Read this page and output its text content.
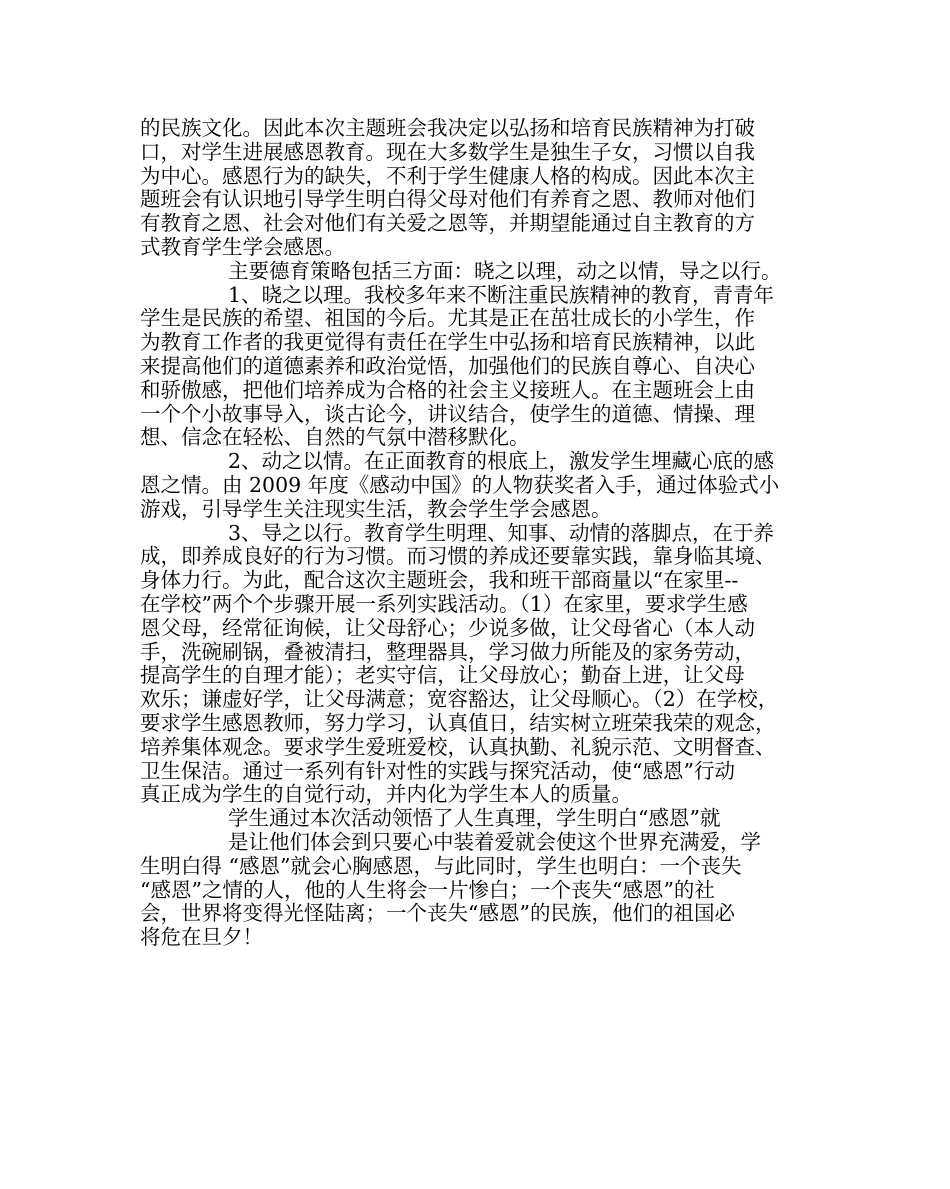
的民族文化。因此本次主题班会我决定以弘扬和培育民族精神为打破
口，对学生进展感恩教育。现在大多数学生是独生子女，习惯以自我
为中心。感恩行为的缺失，不利于学生健康人格的构成。因此本次主
题班会有认识地引导学生明白得父母对他们有养育之恩、教师对他们
有教育之恩、社会对他们有关爱之恩等，并期望能通过自主教育的方
式教育学生学会感恩。
主要德育策略包括三方面：晓之以理，动之以情，导之以行。
1、晓之以理。我校多年来不断注重民族精神的教育，青青年
学生是民族的希望、祖国的今后。尤其是正在茁壮成长的小学生，作
为教育工作者的我更觉得有责任在学生中弘扬和培育民族精神，以此
来提高他们的道德素养和政治觉悟，加强他们的民族自尊心、自决心
和骄傲感，把他们培养成为合格的社会主义接班人。在主题班会上由
一个个小故事导入，谈古论今，讲议结合，使学生的道德、情操、理
想、信念在轻松、自然的气氛中潜移默化。
2、动之以情。在正面教育的根底上，激发学生埋藏心底的感
恩之情。由 2009 年度《感动中国》的人物获奖者入手，通过体验式小
游戏，引导学生关注现实生活，教会学生学会感恩。
3、导之以行。教育学生明理、知事、动情的落脚点，在于养
成，即养成良好的行为习惯。而习惯的养成还要靠实践，靠身临其境、
身体力行。为此，配合这次主题班会，我和班干部商量以“在家里--
在学校”两个个步骤开展一系列实践活动。（1）在家里，要求学生感
恩父母，经常征询候，让父母舒心；少说多做，让父母省心（本人动
手，洗碗刷锅，叠被清扫，整理器具，学习做力所能及的家务劳动，
提高学生的自理才能）；老实守信，让父母放心；勤奋上进，让父母
欢乐；谦虚好学，让父母满意；宽容豁达，让父母顺心。（2）在学校，
要求学生感恩教师，努力学习，认真值日，结实树立班荣我荣的观念，
培养集体观念。要求学生爱班爱校，认真执勤、礼貌示范、文明督查、
卫生保洁。通过一系列有针对性的实践与探究活动，使“感恩”行动
真正成为学生的自觉行动，并内化为学生本人的质量。
学生通过本次活动领悟了人生真理，学生明白“感恩”就
是让他们体会到只要心中装着爱就会使这个世界充满爱，学
生明白得 “感恩”就会心胸感恩，与此同时，学生也明白：一个丧失
“感恩”之情的人，他的人生将会一片惨白；一个丧失“感恩”的社
会，世界将变得光怪陆离；一个丧失“感恩”的民族，他们的祖国必
将危在旦夕！
